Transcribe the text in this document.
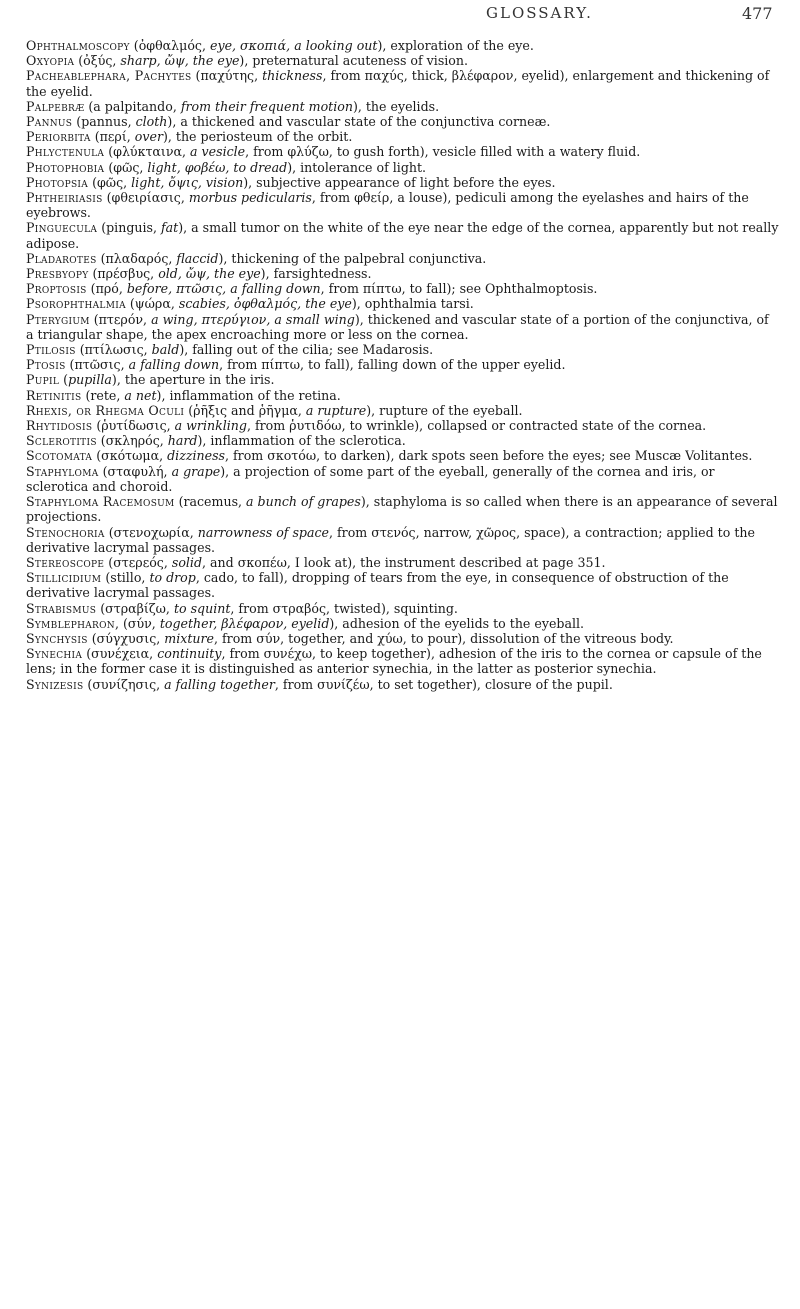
GLOSSARY.	477
Ophthalmoscopy (ὀφθαλμός, eye, σκοπιά, a looking out), exploration of the eye.
Oxyopia (ὀξύς, sharp, ὤψ, the eye), preternatural acuteness of vision.
Pacheablepharа, Pachytes (παχύτης, thickness, from παχύς, thick, βλέφαρον, eyelid), enlargement and thickening of the eyelid.
Palpebræ (a palpitando, from their frequent motion), the eyelids.
Pannus (pannus, cloth), a thickened and vascular state of the conjunctiva corneæ.
Periorbita (περί, over), the periosteum of the orbit.
Phlyctenula (φλύκταινα, a vesicle, from φλύζω, to gush forth), vesicle filled with a watery fluid.
Photophobia (φῶς, light, φοβέω, to dread), intolerance of light.
Photopsia (φῶς, light, ὄψις, vision), subjective appearance of light before the eyes.
Phtheiriasis (φθειρίασις, morbus pedicularis, from φθείρ, a louse), pediculi among the eyelashes and hairs of the eyebrows.
Pinguecula (pinguis, fat), a small tumor on the white of the eye near the edge of the cornea, apparently but not really adipose.
Pladarotes (πλαδαρός, flaccid), thickening of the palpebral conjunctiva.
Presbyopy (πρέσβυς, old, ὤψ, the eye), farsightedness.
Proptosis (πρό, before, πτῶσις, a falling down, from πίπτω, to fall); see Ophthalmoptosis.
Psorophthalmia (ψώρα, scabies, ὀφθαλμός, the eye), ophthalmia tarsi.
Pterygium (πτερόν, a wing, πτερύγιον, a small wing), thickened and vascular state of a portion of the conjunctiva, of a triangular shape, the apex encroaching more or less on the cornea.
Ptilosis (πτίλωσις, bald), falling out of the cilia; see Madarosis.
Ptosis (πτῶσις, a falling down, from πίπτω, to fall), falling down of the upper eyelid.
Pupil (pupilla), the aperture in the iris.
Retinitis (rete, a net), inflammation of the retina.
Rhexis, or Rhegma Oculi (ῥῆξις and ῥῆγμα, a rupture), rupture of the eyeball.
Rhytidosis (ῥυτίδωσις, a wrinkling, from ῥυτιδόω, to wrinkle), collapsed or contracted state of the cornea.
Sclerotitis (σκληρός, hard), inflammation of the sclerotica.
Scotomata (σκότωμα, dizziness, from σκοτόω, to darken), dark spots seen before the eyes; see Muscæ Volitantes.
Staphyloma (σταφυλή, a grape), a projection of some part of the eyeball, generally of the cornea and iris, or sclerotica and choroid.
Staphyloma Racemosum (racemus, a bunch of grapes), staphyloma is so called when there is an appearance of several projections.
Stenochoria (στενοχωρία, narrowness of space, from στενός, narrow, χῶρος, space), a contraction; applied to the derivative lacrymal passages.
Stereoscope (στερεός, solid, and σκοπέω, I look at), the instrument described at page 351.
Stillicidium (stillo, to drop, cado, to fall), dropping of tears from the eye, in consequence of obstruction of the derivative lacrymal passages.
Strabismus (στραβίζω, to squint, from στραβός, twisted), squinting.
Symblepharon, (σύν, together, βλέφαρον, eyelid), adhesion of the eyelids to the eyeball.
Synchysis (σύγχυσις, mixture, from σύν, together, and χύω, to pour), dissolution of the vitreous body.
Synechia (συνέχεια, continuity, from συνέχω, to keep together), adhesion of the iris to the cornea or capsule of the lens; in the former case it is distinguished as anterior synechia, in the latter as posterior synechia.
Synizesis (συνίζησις, a falling together, from συνίζέω, to set together), closure of the pupil.
